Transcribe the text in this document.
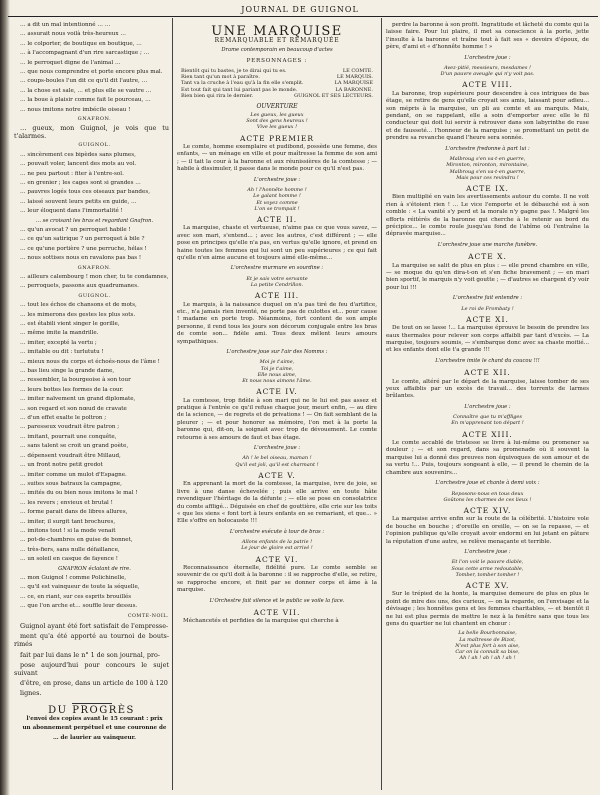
JOURNAL DE GUIGNOL

… a dit un mal intentionné … …

… assurait nous voilà très-heureux …

… le colporter, de boutique en boutique, …

… à l'accompagnant d'un rire sarcastique ; …

… le perroquet digne de l'animal …

… que nous comprendre et porte encore plus mal.

… coups-boules l'un dit ce qu'il dit l'autre, …

… la chose est sale, … et plus elle se vautre …

… la boue à plaisir comme fait le pourceau, …

… nous imitons notre imbécile oiseau !

GNAFRON.

… gueux, mon Guignol, je vois que tu t'alarmes.

GUIGNOL.

… sincèrement ces bipèdes sans plumes,

… pouvait voler, lancent des mots au vol.

… ne peu partout : fiter à l'entre-sol.

… en grenier ; les cages sont si grandes …

… pauvres logés tous ces oiseaux par bandes,

… laissé souvent leurs petits en guide, …

… leur éloquent dans l'immortalité !

… se croisant les bras et regardant Gnafron.

… qu'un avocat ? un perroquet habile !

… ce qu'un satirique ? un perroquet à bile ?

… ce qu'une portière ? une perruche, hélas !

… nous sottises nous en ravalons pas bas !

GNAFRON.

… ailleurs calembourg ! mon cher, tu te condamnes,

… perroquets, passons aux quadrumanes.

GUIGNOL.

… tout les échos de chansons et de mots,

… les mimerons des gestes les plus sots.

… est étabili vient singer le gorille,

… même imite la mandrille.

… imiter, excepté la vertu ;

… imitable ou dit : turlututu !

… mieux nous du corps et échoés-nous de l'âme !

… bas lieu singe la grande dame,

… ressembler, la bourgeoise à son tour

… leurs bottes les formes de la cour.

… imiter naïvement un grand diplomate,

… son regard et son nœud de cravate

… d'un effet exalte le poltron ;

… paresseux voudrait être patron ;

… imitant, pourrait une conquête,

… sans talent se croit un grand poète,

… dépensent voudrait être Millaud,

… un front notre petit gredot

… imiter comme un mulot d'Espagne.

… suites sous batraux la campagne,

… imités du ou bien nous imitons le mal !

… les revers ; envieux et brutal !

… forme parait dans de libres allures,

… imiter, il surgit tant brochures,

… imitons tout ! si la mode venait

… pot-de-chambres en guise de bonnet,

… très-fiers, sans nulle défaillance,

… un soleil en casque de fayence !

GNAFRON éclatant de rire.

… mon Guignol ! comme Polichinelle,

… qu'il est vainqueur de toute la séquelle,

… ce, en riant, sur ces esprits brouillés

… que l'on arche et… souffle leur dessus.

COMTE-NOIL.

Guignol ayant été fort satisfait de l'empresse-

ment qu'a été apporté au tournoi de bouts-rimés

fait par lui dans le n° 1 de son journal, pro-

pose aujourd'hui pour concours le sujet suivant

d'être, en prose, dans un article de 100 à 120

lignes.

DU PROGRÈS

l'envoi des copies avant le 15 courant : prix

un abonnement perpétuel et une couronne de

… de laurier au vainqueur.

UNE MARQUISE
REMARQUABLE ET REMARQUÉE
Drame contemporain en beaucoup d'actes
PERSONNAGES :
Bientôt qui tu bastes, je te dirai qui tu es.	LE COMTE.
Rien tant qu'un mot à paraître.	LE MARQUIS.
Tant va la cruche à l'eau qu'à la fin elle s'emplit.	LA MARQUISE
Est tout fait qui tant lui pariant pas le monde.	LA BARONNE.
Bien bien qui rira le dernier.	GUIGNOL ET SES LECTEURS.
OUVERTURE
Les gueux, les gueux
Sont des gens heureux !
Vive les gueux !
ACTE PREMIER

Le comte, homme exemplaire et pudibond, possède une femme, des enfants, — un ménage en ville et pour maîtresse la femme de son ami ; — il tait la cour à la baronne et aux réunissières de la comtesse ; — habile à dissimuler, il passe dans le monde pour ce qu'il n'est pas.

L'orchestre joue :
Ah ! l'honnête homme !
Le galant homme !
Et voyez comme
L'on se trompait !
ACTE II.

La marquise, chaste et vertueuse, n'aime pas ce que vous savez, — avec son mari, s'entend... ; avec les autres, c'est différent ; — elle pose en principes qu'elle n'a pas, en vertus qu'elle ignore, et prend en haine toutes les femmes qui lui sont un peu supérieures ; ce qui fait qu'elle n'en aime aucune et toujours aimé elle-même...

L'orchestre murmure en sourdine :
Et je sais votre servante
La petite Cendrillon.
ACTE III.

Le marquis, à la naissance duquel on n'a pas tiré de feu d'artifice, etc., n'a jamais rien inventé, ne porte pas de culottes et... pour cause ! madame en porte trop. Néanmoins, fort content de son ample personne, il rend tous les jours son décorum conjugale entre les bras de comte son... fidèle ami. Tous deux mêlent leurs amours sympathiques.

L'orchestre joue sur l'air des Nomms :
Moi je t'aime,
Toi je t'aime,
Elle nous aime,
Et nous nous aimons l'âme.
ACTE IV.

La comtesse, trop fidèle à son mari qui ne le lui est pas assez et pratique à l'entrée ce qu'il refuse chaque jour, meurt enfin, — au dire de la science, — de regrets et de privations ! — On fait semblant de la pleurer ; — et pour honorer sa mémoire, l'on met à la porte la baronne qui, dit-on, la soignait avec trop de dévouement. Le comte retourne à ses amours de faut et bas étage.

L'orchestre joue :
Ah ! le bel oiseau, maman !
Qu'il est joli, qu'il est charmant !
ACTE V.

En apprenant la mort de la comtesse, la marquise, ivre de joie, se livre à une danse échevelée ; puis elle arrive en toute hâte revendiquer l'héritage de la défunte ; — elle se pose en consolatrice du comte affligé... Déguisée en chef de gouttière, elle crie sur les toits « que les siens « font tort à leurs enfants en se remariant, et que... » Elle s'offre en holocauste !!!

L'orchestre exécute à tour de bras :
Allons enfants de la patrie !
Le jour de gloire est arrivé !
ACTE VI.

Reconnaissance éternelle, fidélité pure. Le comte semble se souvenir de ce qu'il doit à la baronne : il se rapproche d'elle, se retire, se rapproche encore, et finit par se donner corps et âme à la marquise.

L'Orchestre fait silence et le public se voile la face.
ACTE VII.

Méchancetés et perfidies de la marquise qui cherche à

perdre la baronne à son profit. Ingratitude et lâcheté du comte qui la laisse faire. Pour lui plaire, il met sa conscience à la porte, jette l'insulte à la baronne et traîne tout à fait ses « devoirs d'époux, de père, d'ami et « d'honnête homme ! »

L'orchestre joue :
Avez-pitié, messieurs, mesdames !
D'un pauvre aveugle qui n'y voit pas.
ACTE VIII.

La baronne, trop supérieure pour descendre à ces intrigues de bas étage, se retire de gens qu'elle croyait ses amis, laissant pour adieu... son mépris à la marquise, un pli au comte et au marquis. Mais, pendant, on se rappelant, elle a soin d'emporter avec elle le fil conducteur qui doit lui servir à retrouver dans son labyrinthe de ruse et de fausseté... l'honneur de la marquise ; se promettant un petit de prendre sa revanche quand l'heure sera sonnée.

L'orchestre fredonne à part lui :
Malbroug s'en va-t-en guerre,
Mironton, mironton, mirontaine,
Malbroug s'en va-t-en guerre,
Mais pour ces revindru !
ACTE IX.

Bien multiplié en vain les avertissements autour du comte. Il ne voit rien à s'étoient rien ! ... Le vice l'emporte et le débauché est à son comble : « La vanité s'y perd et la morale n'y gagne pas !. Malgré les efforts réitérés de la baronne qui cherche à le retenir au bord du précipice... le comte roule jusqu'au fond de l'abîme où l'entraîne la dépravée marquise...

L'orchestre joue une marche funèbre.
ACTE X.

La marquise se salit de plus en plus : — elle prend chambre en ville, — se moque du qu'en dira-t-on et s'en fiche bravement ; — en mari bien sportif, le marquis n'y voit goutte ; — d'autres se chargent d'y voir pour lui !!!

L'orchestre fait entendre :
Le roi de Frombaty !
ACTE XI.

De tout on se lasse !... La marquise éprouve le besoin de prendre les eaux thermales pour relever son corps affaibli par tant d'excès. — La marquise, toujours soumis, — s'embarque donc avec sa chaste moitié... et les enfants dont elle t'a grande !!!

L'orchestre imite le chant du coucou !!!
ACTE XII.

Le comte, altéré par le départ de la marquise, laisse tomber de ses yeux affaiblis par un excès de travail... des torrents de larmes brûlantes.

L'orchestre joue :
Connaître que tu m'affliges
En m'apprenant ton départ !
ACTE XIII.

Le comte accablé de tristesse se livre à lui-même ou promener sa douleur ; — et son regard, dans sa promenade où il souvent la marquise lui a donné des preuves non équivoques de son amour et de sa vertu !... Puis, toujours songeant à elle, — il prend le chemin de la chambre aux souvenirs...

L'orchestre joue et chante à demi voix :
Reposons-nous en tous deux
Goûtons les charmes de ces lieux !
ACTE XIV.

La marquise arrive enfin sur la route de la célébrité. L'histoire vole de bouche en bouche ; d'oreille en oreille, — on se la repasse, — et l'opinion publique qu'elle croyait avoir endormi en lui jetant en pâture la réputation d'une autre, se relève menaçante et terrible.

L'orchestre joue :
Et l'on voit le pauvre diable,
Sous cette arme redoutable,
Tomber, tomber tomber !
ACTE XV.

Sur le trépied de la honte, la marquise demeure de plus en plus le point de mire des uns, des curieux, — on la regarde, on l'envisage et la dévisage ; les honnêtes gens et les femmes charitables, — et bientôt il ne lui est plus permis de mettre le nez à la fenêtre sans que tous les gens du quartier ne lui chantent en chœur :

La belle Bourbonnaise,
La maîtresse de Bizot,
N'est plus fort à son aise,
Car on la connaît sa bise,
Ah ! ah ! ah ! ah ! ah !
